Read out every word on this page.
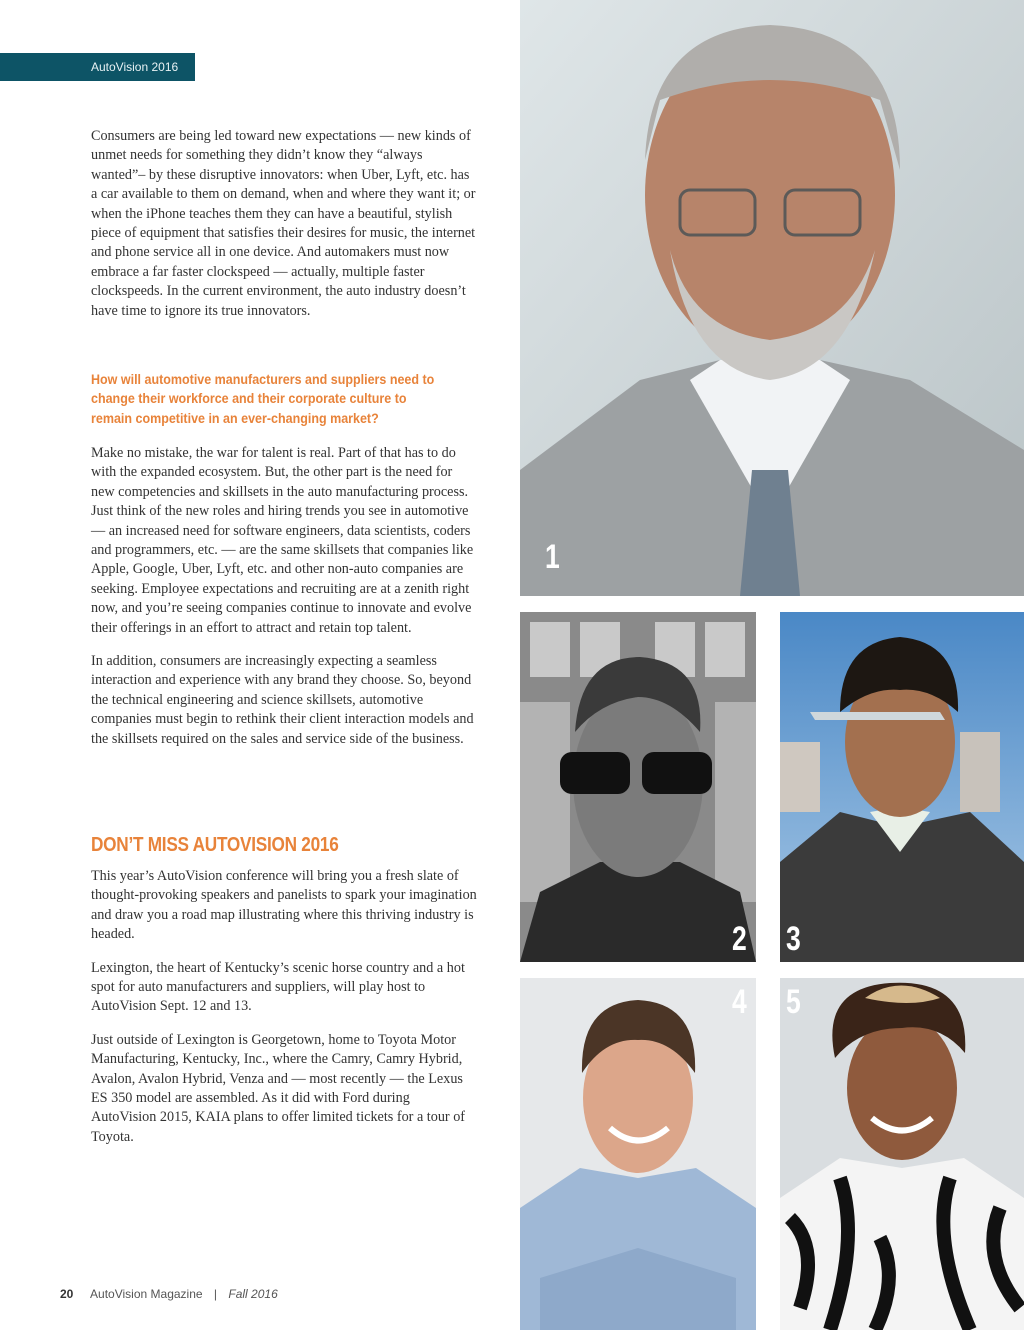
AutoVision 2016

Consumers are being led toward new expectations — new kinds of unmet needs for something they didn’t know they “always wanted”– by these disruptive innovators: when Uber, Lyft, etc. has a car available to them on demand, when and where they want it; or when the iPhone teaches them they can have a beautiful, stylish piece of equipment that satisfies their desires for music, the internet and phone service all in one device. And automakers must now embrace a far faster clockspeed — actually, multiple faster clockspeeds. In the current environment, the auto industry doesn’t have time to ignore its true innovators.

How will automotive manufacturers and suppliers need to change their workforce and their corporate culture to remain competitive in an ever-changing market?

Make no mistake, the war for talent is real. Part of that has to do with the expanded ecosystem. But, the other part is the need for new competencies and skillsets in the auto manufacturing process. Just think of the new roles and hiring trends you see in automotive — an increased need for software engineers, data scientists, coders and programmers, etc. — are the same skillsets that companies like Apple, Google, Uber, Lyft, etc. and other non-auto companies are seeking. Employee expectations and recruiting are at a zenith right now, and you’re seeing companies continue to innovate and evolve their offerings in an effort to attract and retain top talent.

In addition, consumers are increasingly expecting a seamless interaction and experience with any brand they choose. So, beyond the technical engineering and science skillsets, automotive companies must begin to rethink their client interaction models and the skillsets required on the sales and service side of the business.

DON’T MISS AUTOVISION 2016

This year’s AutoVision conference will bring you a fresh slate of thought-provoking speakers and panelists to spark your imagination and draw you a road map illustrating where this thriving industry is headed.

Lexington, the heart of Kentucky’s scenic horse country and a hot spot for auto manufacturers and suppliers, will play host to AutoVision Sept. 12 and 13.

Just outside of Lexington is Georgetown, home to Toyota Motor Manufacturing, Kentucky, Inc., where the Camry, Camry Hybrid, Avalon, Avalon Hybrid, Venza and — most recently — the Lexus ES 350 model are assembled. As it did with Ford during AutoVision 2015, KAIA plans to offer limited tickets for a tour of Toyota.

1
2 3
4 5
20 AutoVision Magazine | Fall 2016
